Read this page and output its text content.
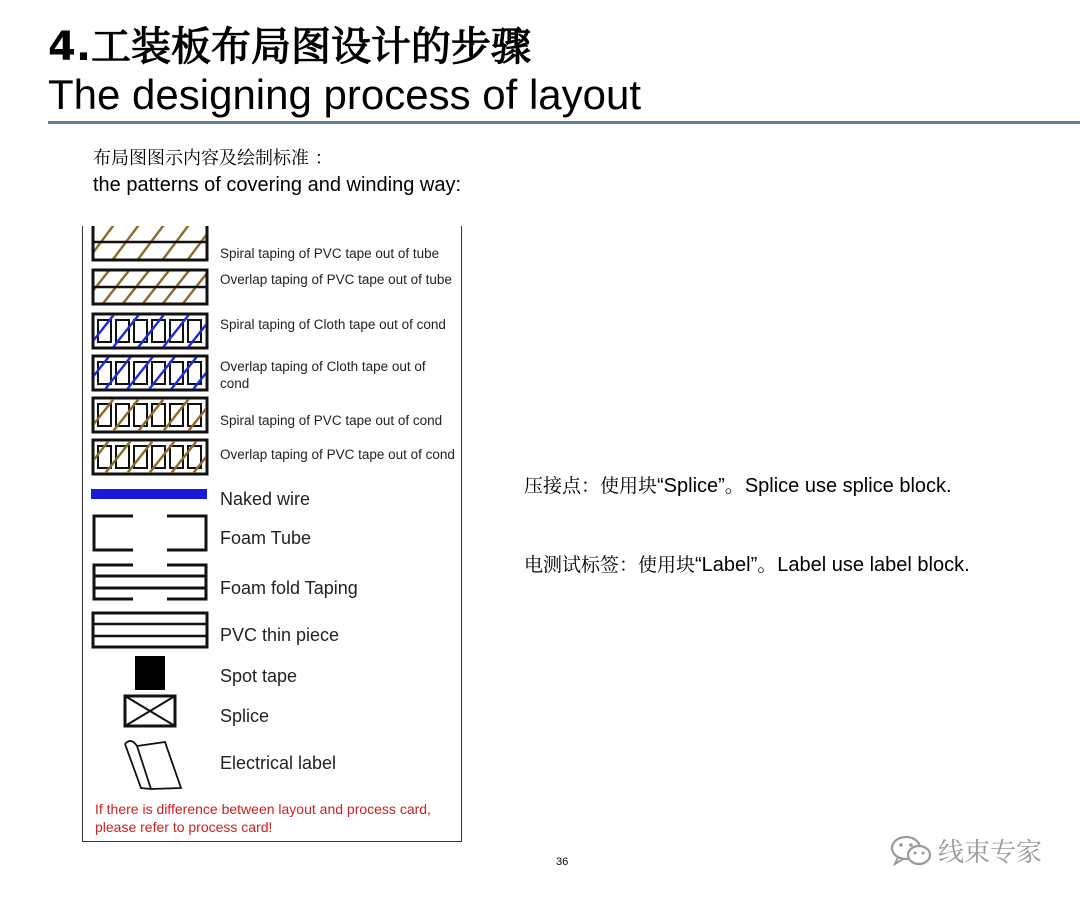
4.工装板布局图设计的步骤
The designing process of layout
布局图图示内容及绘制标准 ：
the patterns of covering and winding way:
Spiral taping of PVC tape out of tube
Overlap taping of PVC tape out of tube
Spiral taping of Cloth tape out of cond
Overlap taping of Cloth tape out of cond
Spiral taping of PVC tape out of cond
Overlap taping of PVC tape out of cond
Naked wire
Foam Tube
Foam fold Taping
PVC thin piece
Spot tape
Splice
Electrical label
If there is difference between layout and process card, please refer to process card!
压接点：使用块“Splice”。Splice use splice block.
电测试标签：使用块“Label”。Label use label block.
36	线束专家
